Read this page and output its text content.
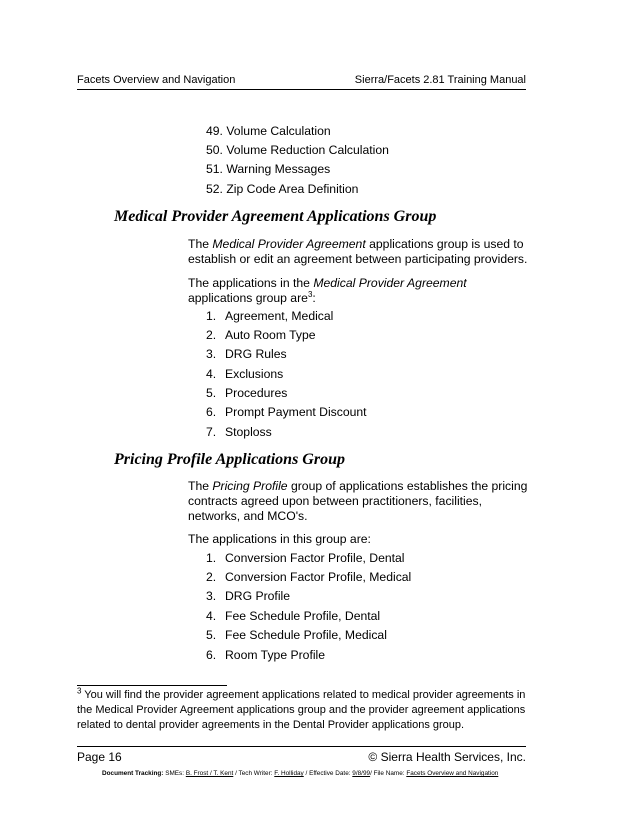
Facets Overview and Navigation	Sierra/Facets 2.81 Training Manual
49. Volume Calculation
50. Volume Reduction Calculation
51. Warning Messages
52. Zip Code Area Definition
Medical Provider Agreement Applications Group

The Medical Provider Agreement applications group is used to establish or edit an agreement between participating providers.

The applications in the Medical Provider Agreement applications group are$^3$:

1. Agreement, Medical
2. Auto Room Type
3. DRG Rules
4. Exclusions
5. Procedures
6. Prompt Payment Discount
7. Stoploss
Pricing Profile Applications Group

The Pricing Profile group of applications establishes the pricing contracts agreed upon between practitioners, facilities, networks, and MCO's.

The applications in this group are:

1. Conversion Factor Profile, Dental
2. Conversion Factor Profile, Medical
3. DRG Profile
4. Fee Schedule Profile, Dental
5. Fee Schedule Profile, Medical
6. Room Type Profile
$^3$ You will find the provider agreement applications related to medical provider agreements in the Medical Provider Agreement applications group and the provider agreement applications related to dental provider agreements in the Dental Provider applications group.
Page 16	© Sierra Health Services, Inc.
Document Tracking: SMEs: B. Frost / T. Kent / Tech Writer: F. Holliday / Effective Date: 9/8/99/ File Name: Facets Overview and Navigation
